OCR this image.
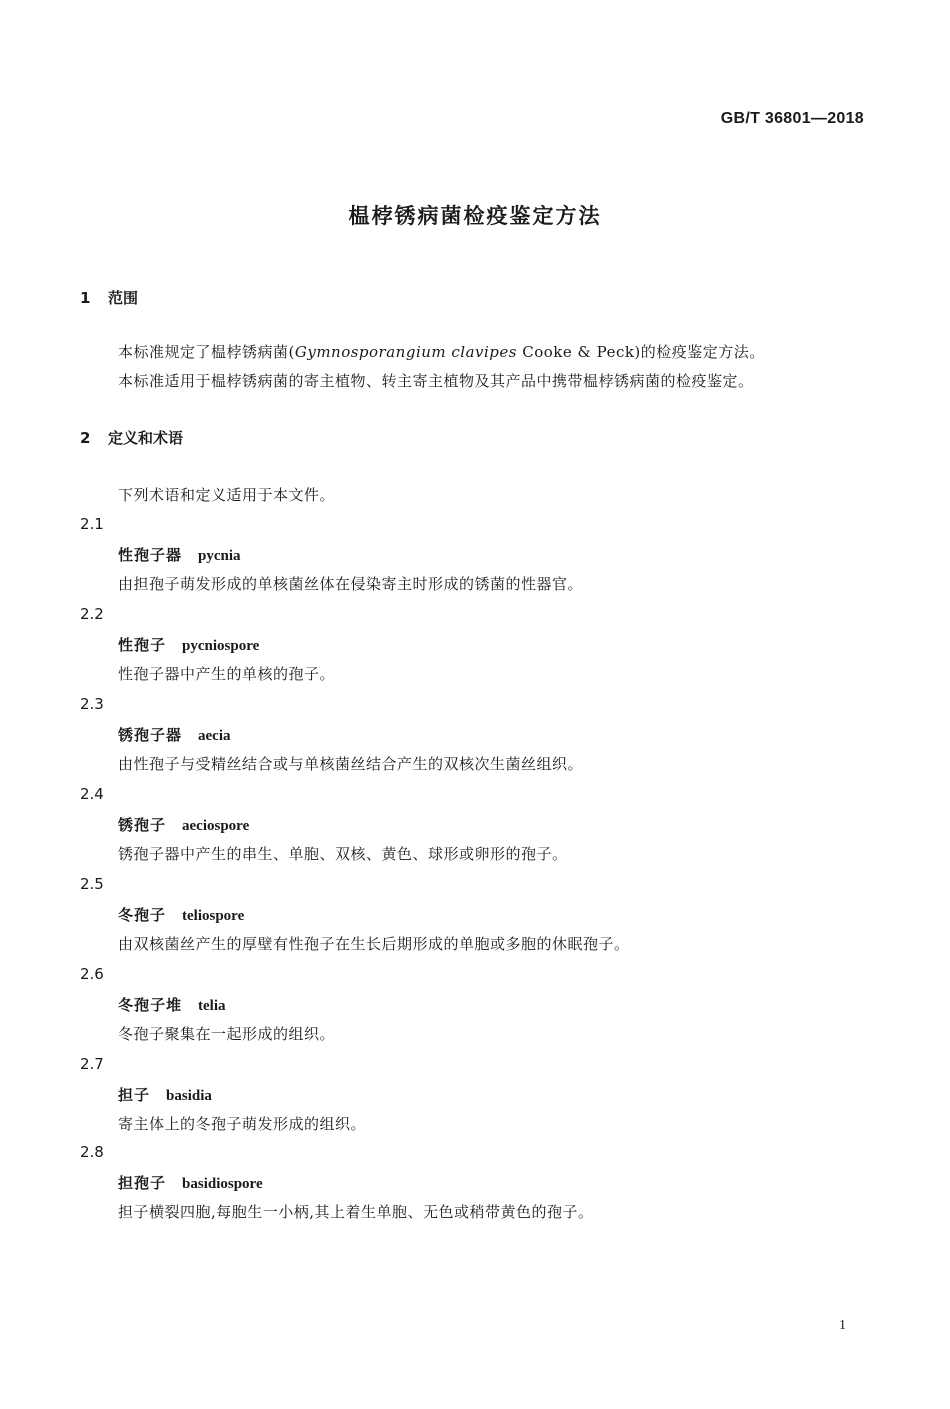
GB/T 36801—2018
榅桲锈病菌检疫鉴定方法
1 范围
本标准规定了榅桲锈病菌(Gymnosporangium clavipes Cooke & Peck)的检疫鉴定方法。
本标准适用于榅桲锈病菌的寄主植物、转主寄主植物及其产品中携带榅桲锈病菌的检疫鉴定。
2 定义和术语
下列术语和定义适用于本文件。
2.1
性孢子器 pycnia
由担孢子萌发形成的单核菌丝体在侵染寄主时形成的锈菌的性器官。
2.2
性孢子 pycniospore
性孢子器中产生的单核的孢子。
2.3
锈孢子器 aecia
由性孢子与受精丝结合或与单核菌丝结合产生的双核次生菌丝组织。
2.4
锈孢子 aeciospore
锈孢子器中产生的串生、单胞、双核、黄色、球形或卵形的孢子。
2.5
冬孢子 teliospore
由双核菌丝产生的厚壁有性孢子在生长后期形成的单胞或多胞的休眠孢子。
2.6
冬孢子堆 telia
冬孢子聚集在一起形成的组织。
2.7
担子 basidia
寄主体上的冬孢子萌发形成的组织。
2.8
担孢子 basidiospore
担子横裂四胞,每胞生一小柄,其上着生单胞、无色或稍带黄色的孢子。
1
